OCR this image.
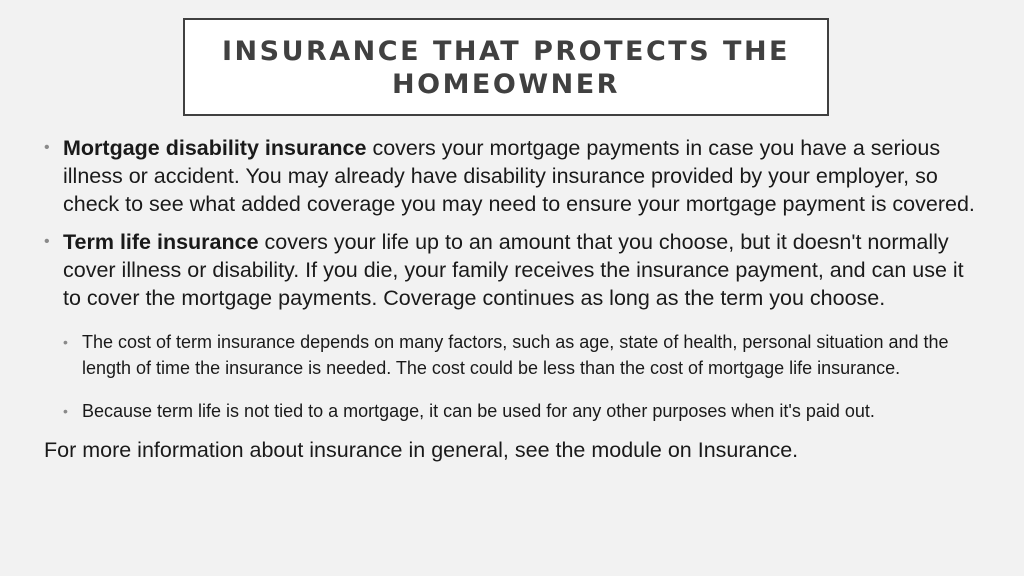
INSURANCE THAT PROTECTS THE
HOMEOWNER

• Mortgage disability insurance covers your mortgage payments in case you have a serious illness or accident. You may already have disability insurance provided by your employer, so check to see what added coverage you may need to ensure your mortgage payment is covered.

• Term life insurance covers your life up to an amount that you choose, but it doesn't normally cover illness or disability. If you die, your family receives the insurance payment, and can use it to cover the mortgage payments. Coverage continues as long as the term you choose.

• The cost of term insurance depends on many factors, such as age, state of health, personal situation and the length of time the insurance is needed. The cost could be less than the cost of mortgage life insurance.

• Because term life is not tied to a mortgage, it can be used for any other purposes when it's paid out.

For more information about insurance in general, see the module on Insurance.
